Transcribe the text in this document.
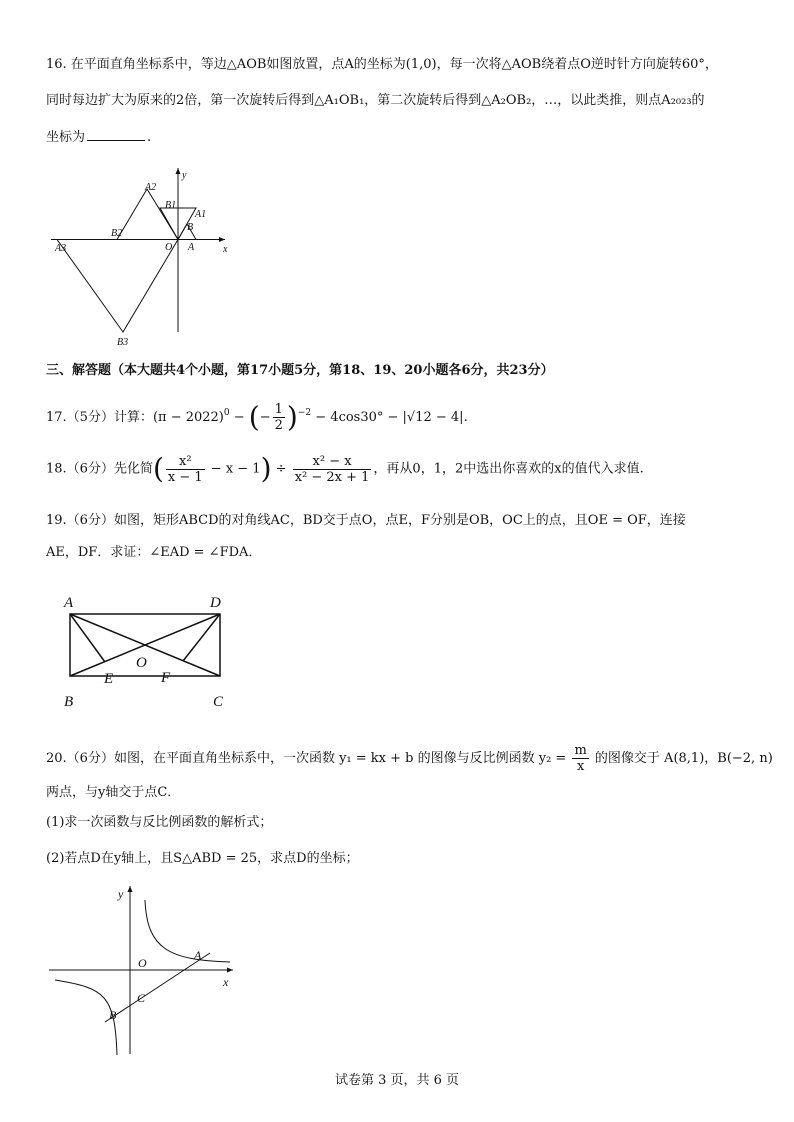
16. 在平面直角坐标系中，等边△AOB如图放置，点A的坐标为(1,0)，每一次将△AOB绕着点O逆时针方向旋转60°，
同时每边扩大为原来的2倍，第一次旋转后得到△A₁OB₁，第二次旋转后得到△A₂OB₂，…，以此类推，则点A₂₀₂₃的
坐标为	.
A2
B1
A1
B
B2
O A
A3
B3
x
y
三、解答题（本大题共4个小题，第17小题5分，第18、19、20小题各6分，共23分）
17.（5分）计算：$(\pi - 2022)^0$ − (− $\frac{1}{2} )^{-2} - 4\cos 30^\circ - |√12 - 4|$.
18.（6分）先化简( $\frac{\text{x²}}{x - 1} - x - 1) \div \frac{\text{x² − x}}{\text{x² − 2x + 1}}$ ，再从0，1，2中选出你喜欢的x的值代入求值.
19.（6分）如图，矩形ABCD的对角线AC，BD交于点O，点E，F分别是OB，OC上的点，且OE = OF，连接
AE，DF．求证：∠EAD = ∠FDA．
A	D
O
E	F
B	C
20.（6分）如图，在平面直角坐标系中，一次函数 y₁ = kx + b 的图像与反比例函数 $y_2 = \frac{m}{x}$ 的图像交于 A(8,1)，B(−2, n)
两点，与y轴交于点C．
(1)求一次函数与反比例函数的解析式；
(2)若点D在y轴上，且S△ABD = 25，求点D的坐标；
y
O
A
x
C
B
试卷第 3 页，共 6 页
